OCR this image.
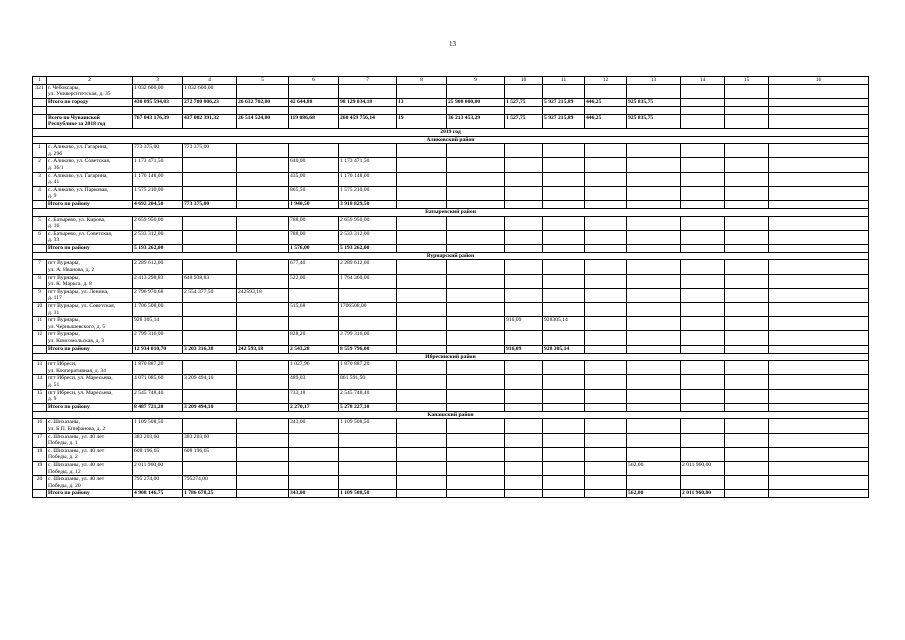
13
1	2	3	4	5	6	7	8	9	10	11	12	13	14	15	16	
321	г. Чебоксары,
ул. Университетская, д. 35	1 032 600,00	1 032 600,00													
	Итого по городу	430 095 594,03	272 780 806,23	26 632 702,00	42 644,88	98 129 034,18	13	25 900 000,00	1 527,75	5 927 215,89	446,25	925 835,75				

	Всего по Чувашской
Республике за 2018 год	767 043 176,39	437 002 391,32	26 514 524,00	119 086,68	260 459 756,14	19	36 213 453,29	1 527,75	5 927 215,89	446,25	925 835,75				
2019 год																
Аликовский район																
1	с. Аликово, ул. Гагарина,
д. 29б	773 375,00	773 375,00													
2	с. Аликово, ул. Советская,
д. 36/1	1 173 471,50			640,00	1 173 471,50										
3	с. Аликово, ул. Гагарина,
д. 41	1 170 148,00			435,00	1 170 148,00										
4	с. Аликово, ул. Парковая,
д. 9	1 575 210,00			865,50	1 575 210,00										
	Итого по району	4 692 204,50	773 375,00		1 940,50	3 918 829,50										
Батыревский район																
5	с. Батырево, ул. Кирова,
д. 16	2 659 950,00			788,00	2 659 950,00										
6	с. Батырево, ул. Советская,
д. 33	2 533 312,00			788,00	2 533 312,00										
	Итого по району	5 193 262,00			1 576,00	5 193 262,00										
Вурнарский район																
7	пгт Вурнары,
ул. А. Иванова, д. 2	2 289 612,00			677,40	2 289 612,00										
8	пгт Вурнары,
ул. К. Маркса, д. 8	2 413 298,83	648 938,83		522,00	1 764 360,00										
9	пгт Вурнары, ул. Ленина,
д. 117	2 796 970,68	2 554 377,50	242593,18												
10	пгт Вурнары, ул. Советская,
д. 31	1 706 508,00			515,68	1706508,00										
11	пгт Вурнары,
ул. Чернышевского, д. 5	928 305,14							916,09	928305,14						
12	пгт Вурнары,
ул. Комсомольская, д. 3	2 799 316,00			828,20	2 799 316,00										
	Итого по району	12 934 010,70	3 203 316,38	242 593,18	2 543,28	8 559 796,00			916,09	928 305,14						
Ибресинский район																
13	пгт Ибреси,
ул. Кооперативная, д. 34	1 870 887,20			1 027,96	1 870 887,20										
14	пгт Ибреси, ул. Маресьева,
д. 51	4 071 085,60	3 209 494,10		489,03	861 591,50										
15	пгт Ибреси, ул. Маресьева,
д. 9	2 545 748,40			733,18	2 545 748,40										
	Итого по району	8 487 721,20	3 209 494,10		2 270,17	5 278 227,10										
Канашский район																
16	с. Шихазаны,
ул. Б.П. Епифанова, д. 2	1 109 508,50			343,00	1 109 508,50										
17	с. Шихазаны, ул. 40 лет
Победы, д. 1	383 203,60	383 203,60													
18	с. Шихазаны, ул. 40 лет
Победы, д. 2	608 196,65	608 196,65													
19	с. Шихазаны, ул. 40 лет
Победы, д. 12	2 011 960,00										562,00	2 011 960,00			
20	с. Шихазаны, ул. 40 лет
Победы, д. 20	795 274,00	795274,00													
	Итого по району	4 908 146,75	1 786 678,25		343,00	1 109 508,50						562,00	2 011 960,00			
